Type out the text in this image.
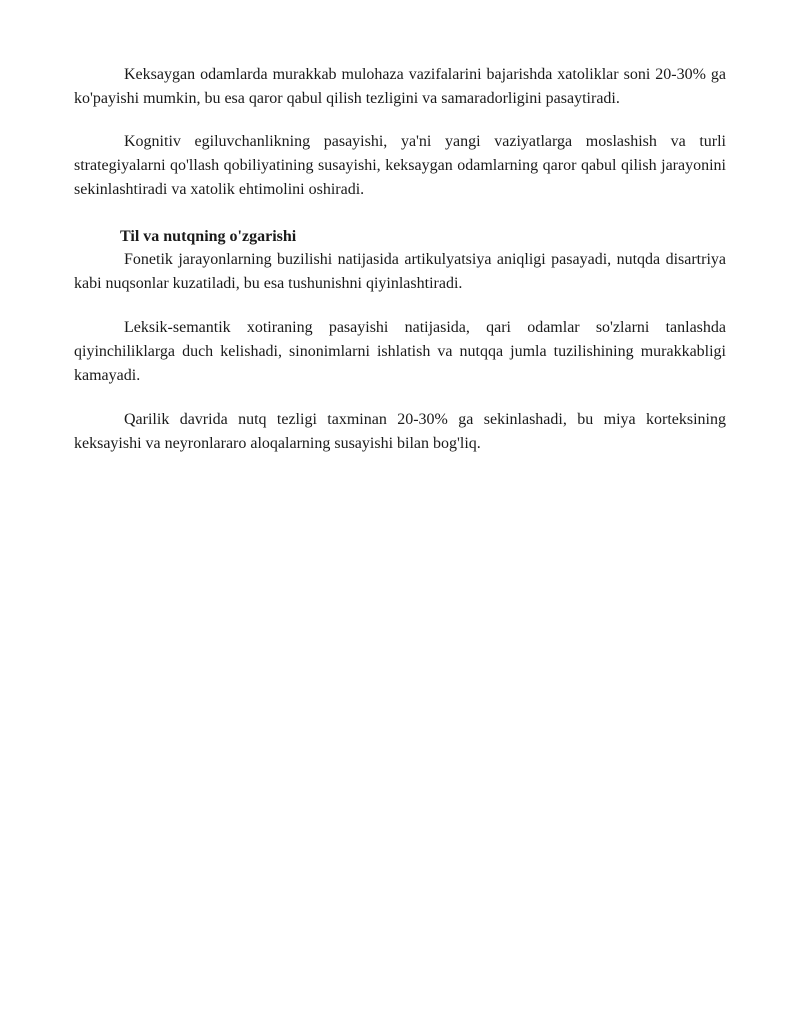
Keksaygan odamlarda murakkab mulohaza vazifalarini bajarishda xatoliklar soni 20-30% ga ko'payishi mumkin, bu esa qaror qabul qilish tezligini va samaradorligini pasaytiradi.

Kognitiv egiluvchanlikning pasayishi, ya'ni yangi vaziyatlarga moslashish va turli strategiyalarni qo'llash qobiliyatining susayishi, keksaygan odamlarning qaror qabul qilish jarayonini sekinlashtiradi va xatolik ehtimolini oshiradi.

Til va nutqning o'zgarishi

Fonetik jarayonlarning buzilishi natijasida artikulyatsiya aniqligi pasayadi, nutqda disartriya kabi nuqsonlar kuzatiladi, bu esa tushunishni qiyinlashtiradi.

Leksik-semantik xotiraning pasayishi natijasida, qari odamlar so'zlarni tanlashda qiyinchiliklarga duch kelishadi, sinonimlarni ishlatish va nutqqa jumla tuzilishining murakkabligi kamayadi.

Qarilik davrida nutq tezligi taxminan 20-30% ga sekinlashadi, bu miya korteksining keksayishi va neyronlararo aloqalarning susayishi bilan bog'liq.
